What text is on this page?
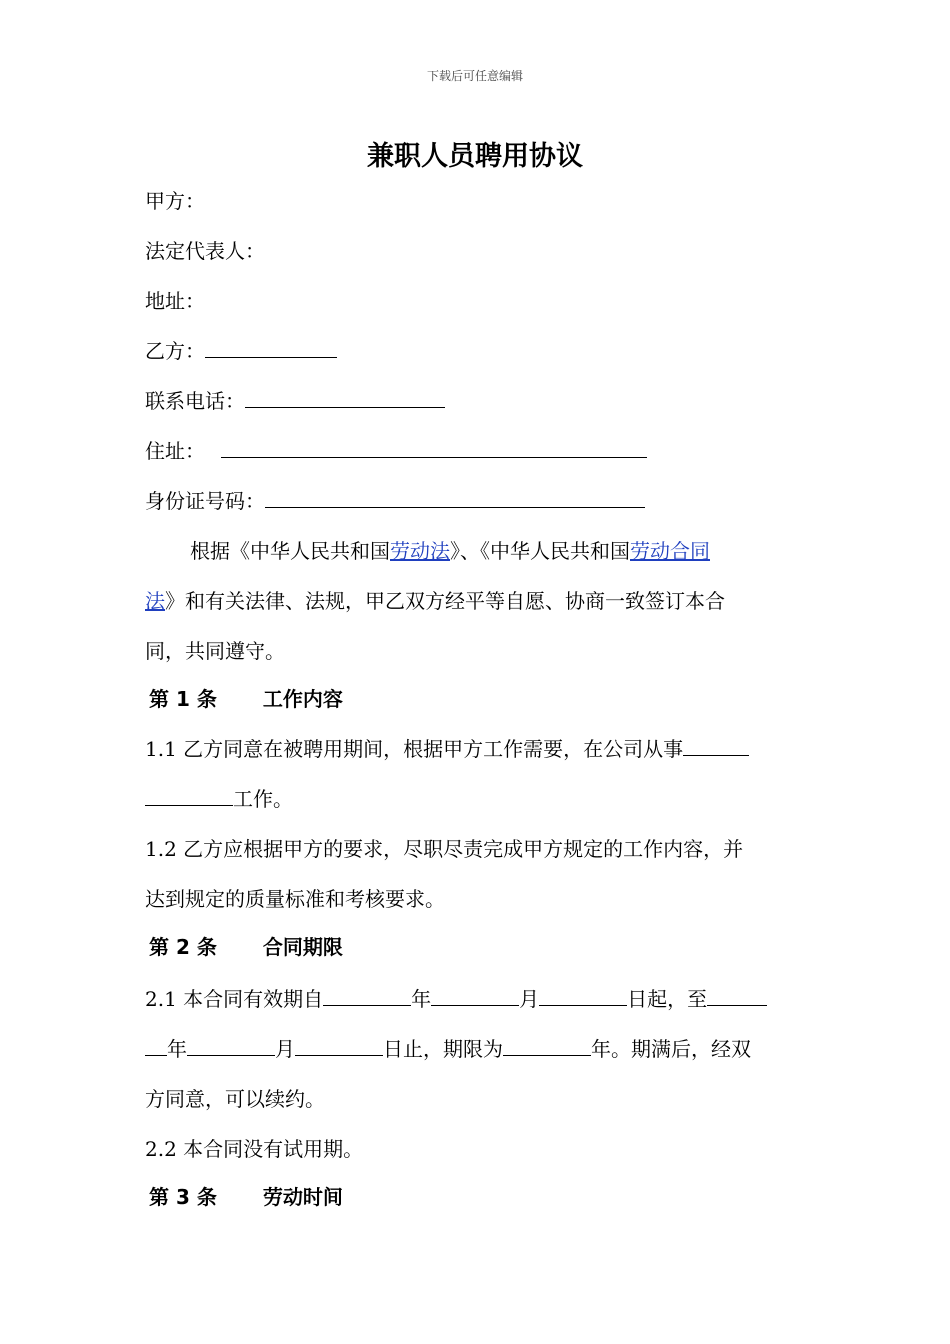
下载后可任意编辑
兼职人员聘用协议
甲方：
法定代表人：
地址：
乙方：
联系电话：
住址：
身份证号码：
根据《中华人民共和国劳动法》、《中华人民共和国劳动合同
法》和有关法律、法规，甲乙双方经平等自愿、协商一致签订本合
同，共同遵守。
第 1 条 工作内容
1.1 乙方同意在被聘用期间，根据甲方工作需要，在公司从事
工作。
1.2 乙方应根据甲方的要求，尽职尽责完成甲方规定的工作内容，并
达到规定的质量标准和考核要求。
第 2 条 合同期限
2.1 本合同有效期自	年	月	日起，至
年	月	日止，期限为	年。期满后，经双
方同意，可以续约。
2.2 本合同没有试用期。
第 3 条 劳动时间
